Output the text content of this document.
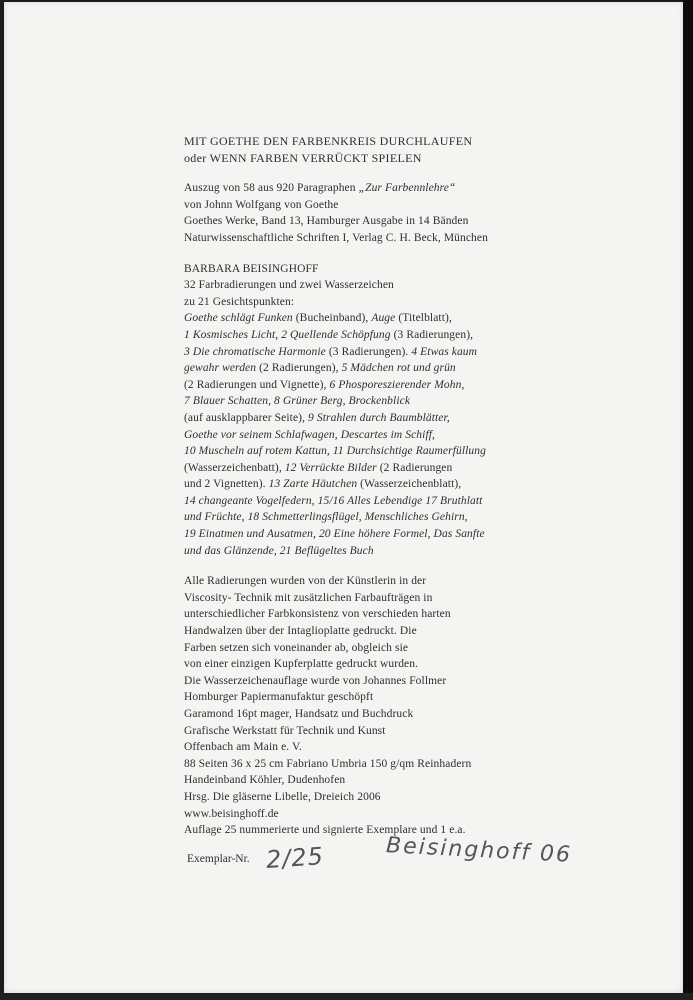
MIT GOETHE DEN FARBENKREIS DURCHLAUFEN
oder WENN FARBEN VERRÜCKT SPIELEN
Auszug von 58 aus 920 Paragraphen „Zur Farbennlehre“
von Johnn Wolfgang von Goethe
Goethes Werke, Band 13, Hamburger Ausgabe in 14 Bänden
Naturwissenschaftliche Schriften I, Verlag C. H. Beck, München
BARBARA BEISINGHOFF
32 Farbradierungen und zwei Wasserzeichen
zu 21 Gesichtspunkten:
Goethe schlägt Funken (Bucheinband), Auge (Titelblatt),
1 Kosmisches Licht, 2 Quellende Schöpfung (3 Radierungen),
3 Die chromatische Harmonie (3 Radierungen). 4 Etwas kaum
gewahr werden (2 Radierungen), 5 Mädchen rot und grün
(2 Radierungen und Vignette), 6 Phosporeszierender Mohn,
7 Blauer Schatten, 8 Grüner Berg, Brockenblick
(auf ausklappbarer Seite), 9 Strahlen durch Baumblätter,
Goethe vor seinem Schlafwagen, Descartes im Schiff,
10 Muscheln auf rotem Kattun, 11 Durchsichtige Raumerfüllung
(Wasserzeichenbatt), 12 Verrückte Bilder (2 Radierungen
und 2 Vignetten). 13 Zarte Häutchen (Wasserzeichenblatt),
14 changeante Vogelfedern, 15/16 Alles Lebendige 17 Bruthlatt
und Früchte, 18 Schmetterlingsflügel, Menschliches Gehirn,
19 Einatmen und Ausatmen, 20 Eine höhere Formel, Das Sanfte
und das Glänzende, 21 Beflügeltes Buch
Alle Radierungen wurden von der Künstlerin in der
Viscosity- Technik mit zusätzlichen Farbaufträgen in
unterschiedlicher Farbkonsistenz von verschieden harten
Handwalzen über der Intaglioplatte gedruckt. Die
Farben setzen sich voneinander ab, obgleich sie
von einer einzigen Kupferplatte gedruckt wurden.
Die Wasserzeichenauflage wurde von Johannes Follmer
Homburger Papiermanufaktur geschöpft
Garamond 16pt mager, Handsatz und Buchdruck
Grafische Werkstatt für Technik und Kunst
Offenbach am Main e. V.
88 Seiten 36 x 25 cm Fabriano Umbria 150 g/qm Reinhadern
Handeinband Köhler, Dudenhofen
Hrsg. Die gläserne Libelle, Dreieich 2006
www.beisinghoff.de
Auflage 25 nummerierte und signierte Exemplare und 1 e.a.
Exemplar-Nr. 2/25	Beisinghoff 06
